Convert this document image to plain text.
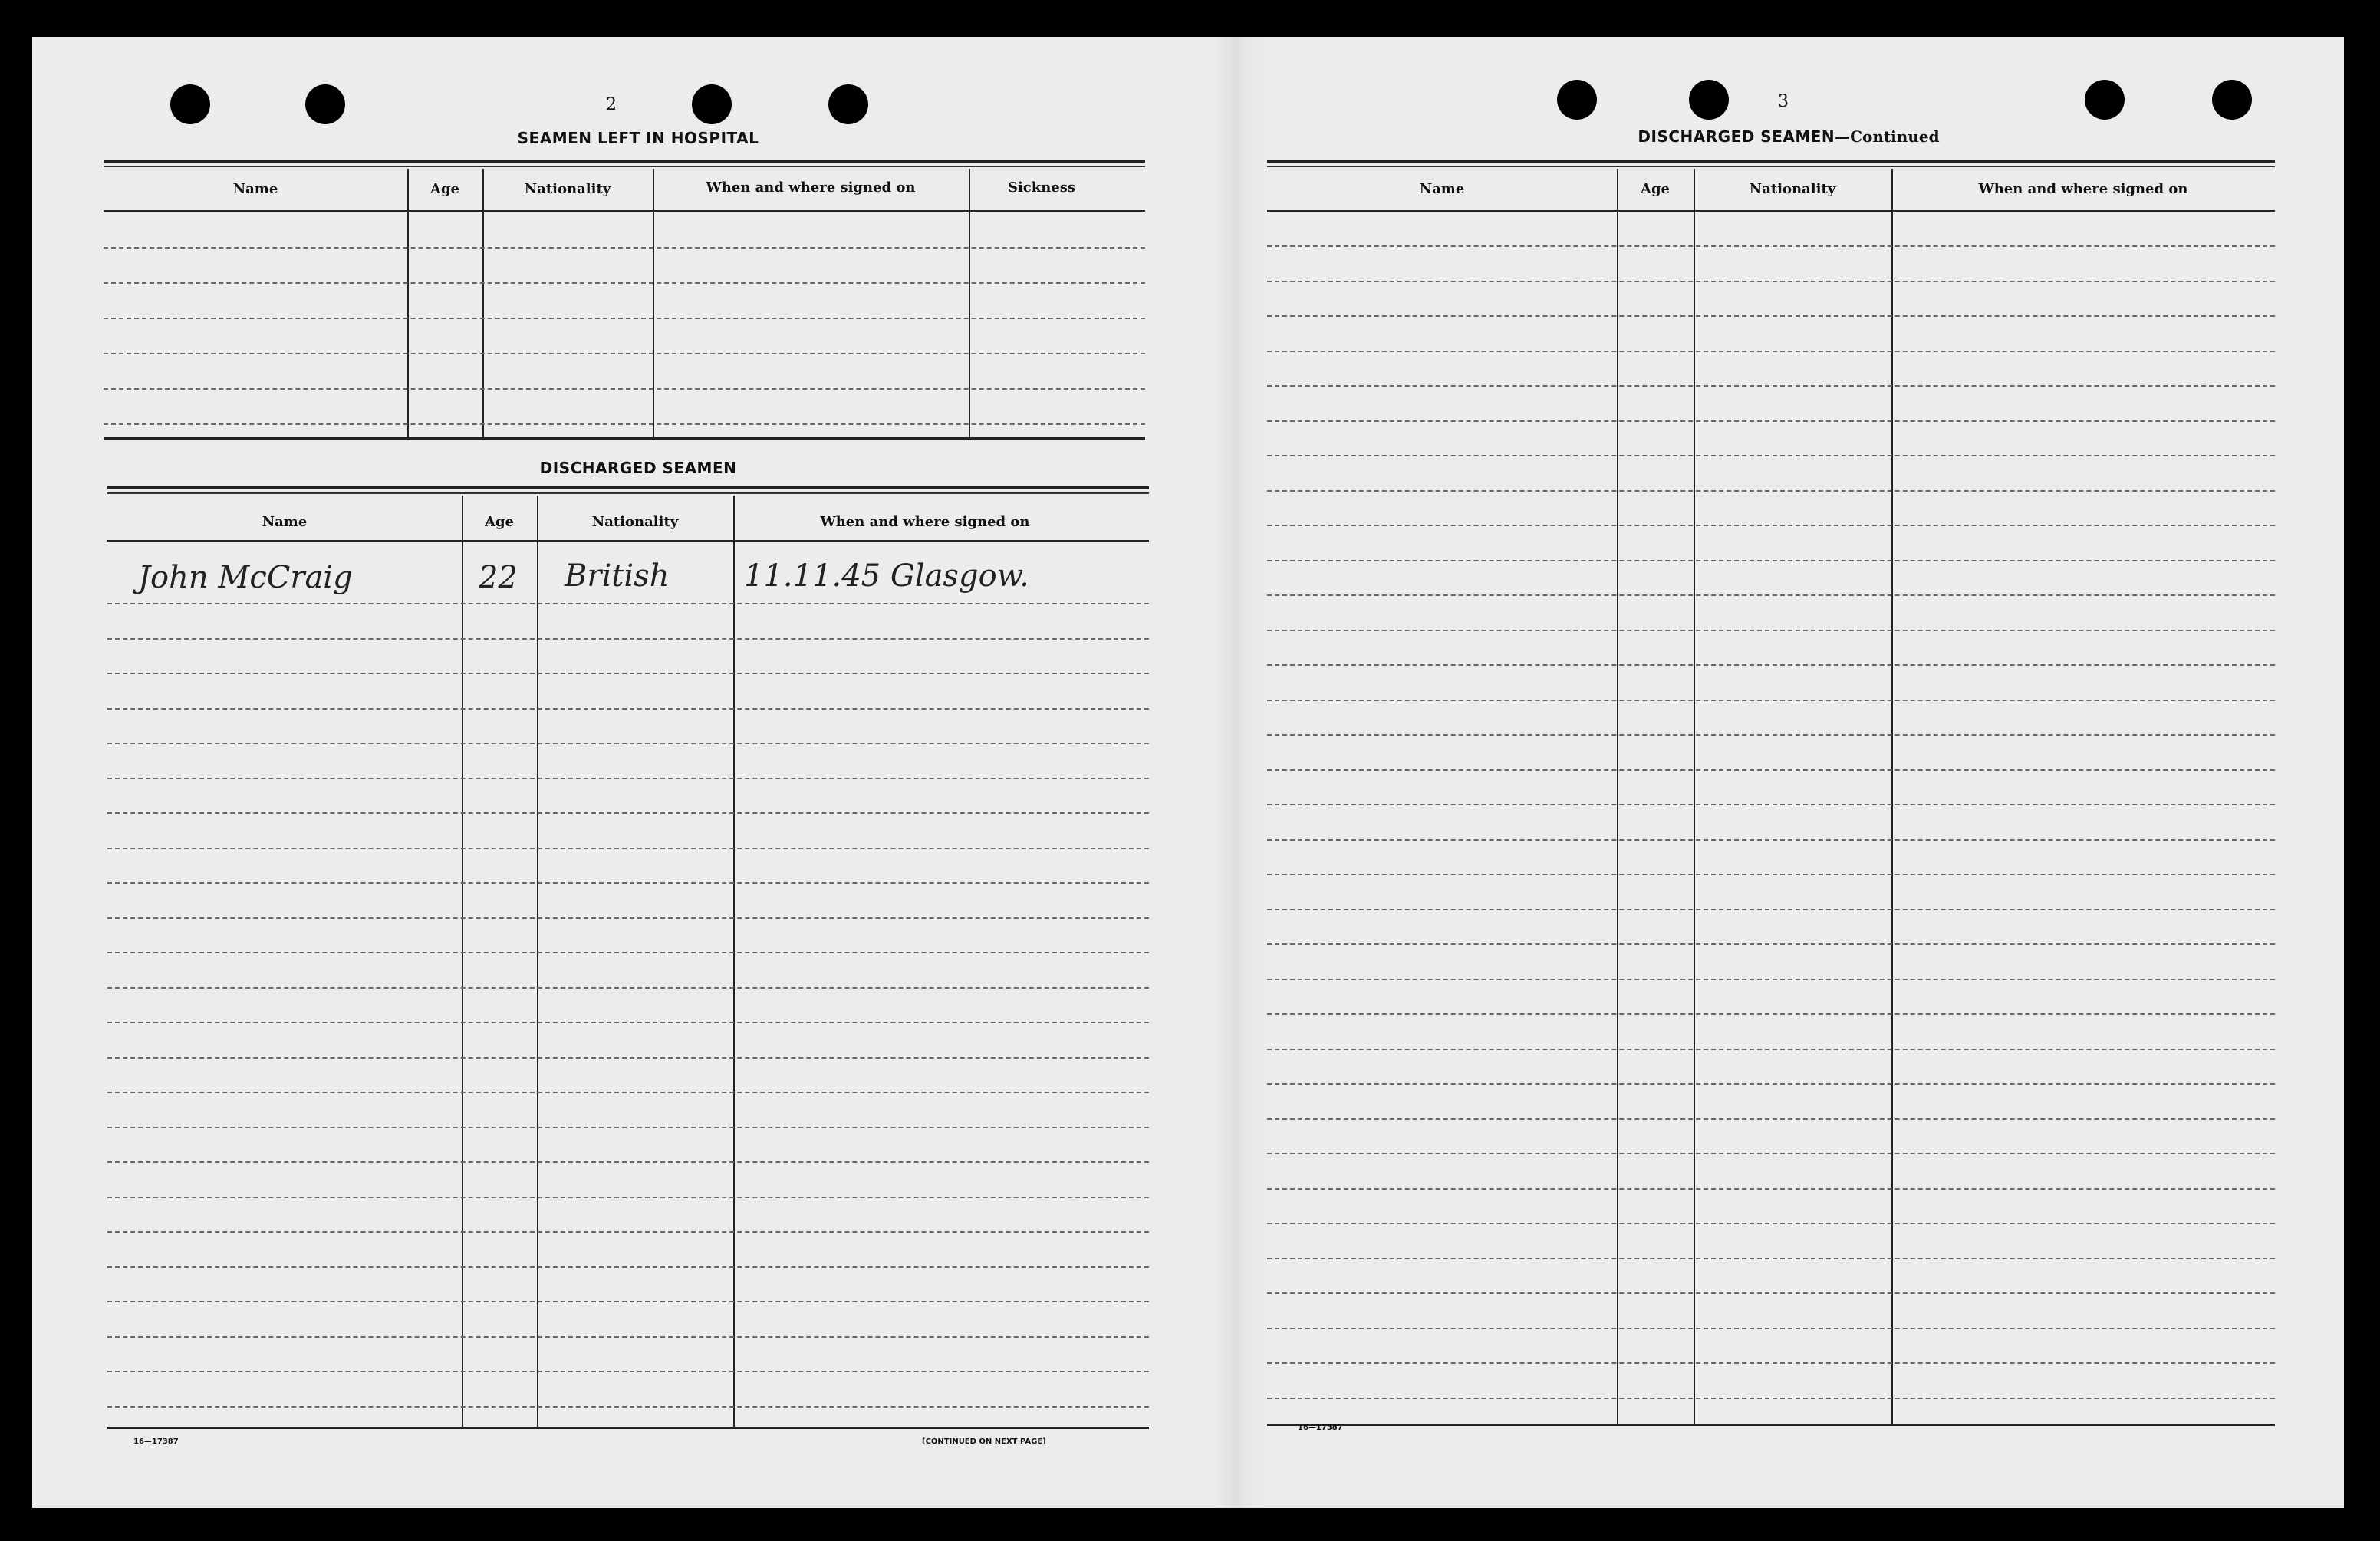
2
SEAMEN LEFT IN HOSPITAL
Name	Age	Nationality	When and where signed on	Sickness
DISCHARGED SEAMEN
Name	Age	Nationality	When and where signed on
John McCraig	22 British 11.11.45 Glasgow.
16—17387	[CONTINUED ON NEXT PAGE]
3
DISCHARGED SEAMEN—Continued
Name	Age	Nationality	When and where signed on
16—17387
